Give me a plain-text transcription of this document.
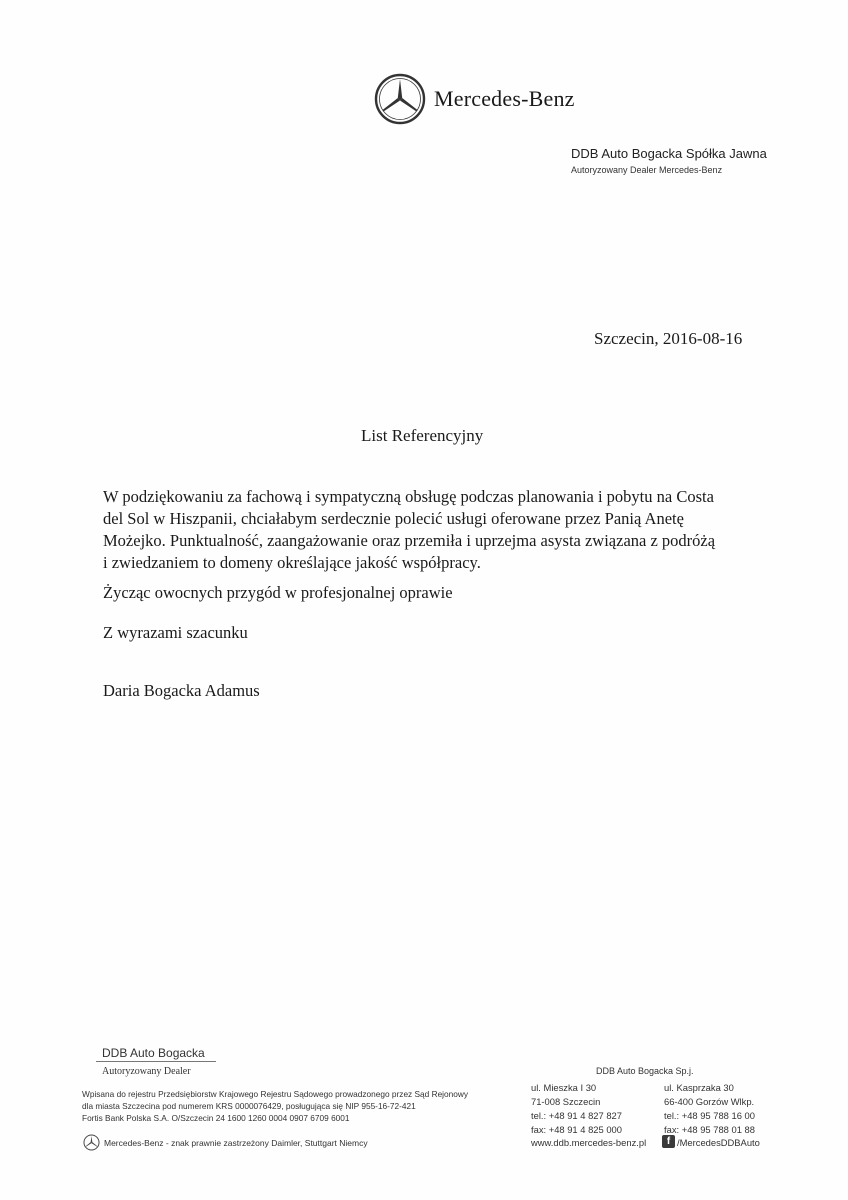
Mercedes-Benz
DDB Auto Bogacka Spółka Jawna
Autoryzowany Dealer Mercedes-Benz
Szczecin, 2016-08-16
List Referencyjny
W podziękowaniu za fachową i sympatyczną obsługę podczas planowania i pobytu na Costa
del Sol w Hiszpanii, chciałabym serdecznie polecić usługi oferowane przez Panią Anetę
Możejko. Punktualność, zaangażowanie oraz przemiła i uprzejma asysta związana z podróżą
i zwiedzaniem to domeny określające jakość współpracy.
Życząc owocnych przygód w profesjonalnej oprawie
Z wyrazami szacunku
Daria Bogacka Adamus
DDB Auto Bogacka
Autoryzowany Dealer
Wpisana do rejestru Przedsiębiorstw Krajowego Rejestru Sądowego prowadzonego przez Sąd Rejonowy
dla miasta Szczecina pod numerem KRS 0000076429, posługująca się NIP 955-16-72-421
Fortis Bank Polska S.A. O/Szczecin 24 1600 1260 0004 0907 6709 6001
Mercedes-Benz - znak prawnie zastrzeżony Daimler, Stuttgart Niemcy
DDB Auto Bogacka Sp.j.
ul. Mieszka I 30
71-008 Szczecin
tel.: +48 91 4 827 827
fax: +48 91 4 825 000
ul. Kasprzaka 30
66-400 Gorzów Wlkp.
tel.: +48 95 788 16 00
fax: +48 95 788 01 88
www.ddb.mercedes-benz.pl	f /MercedesDDBAuto
